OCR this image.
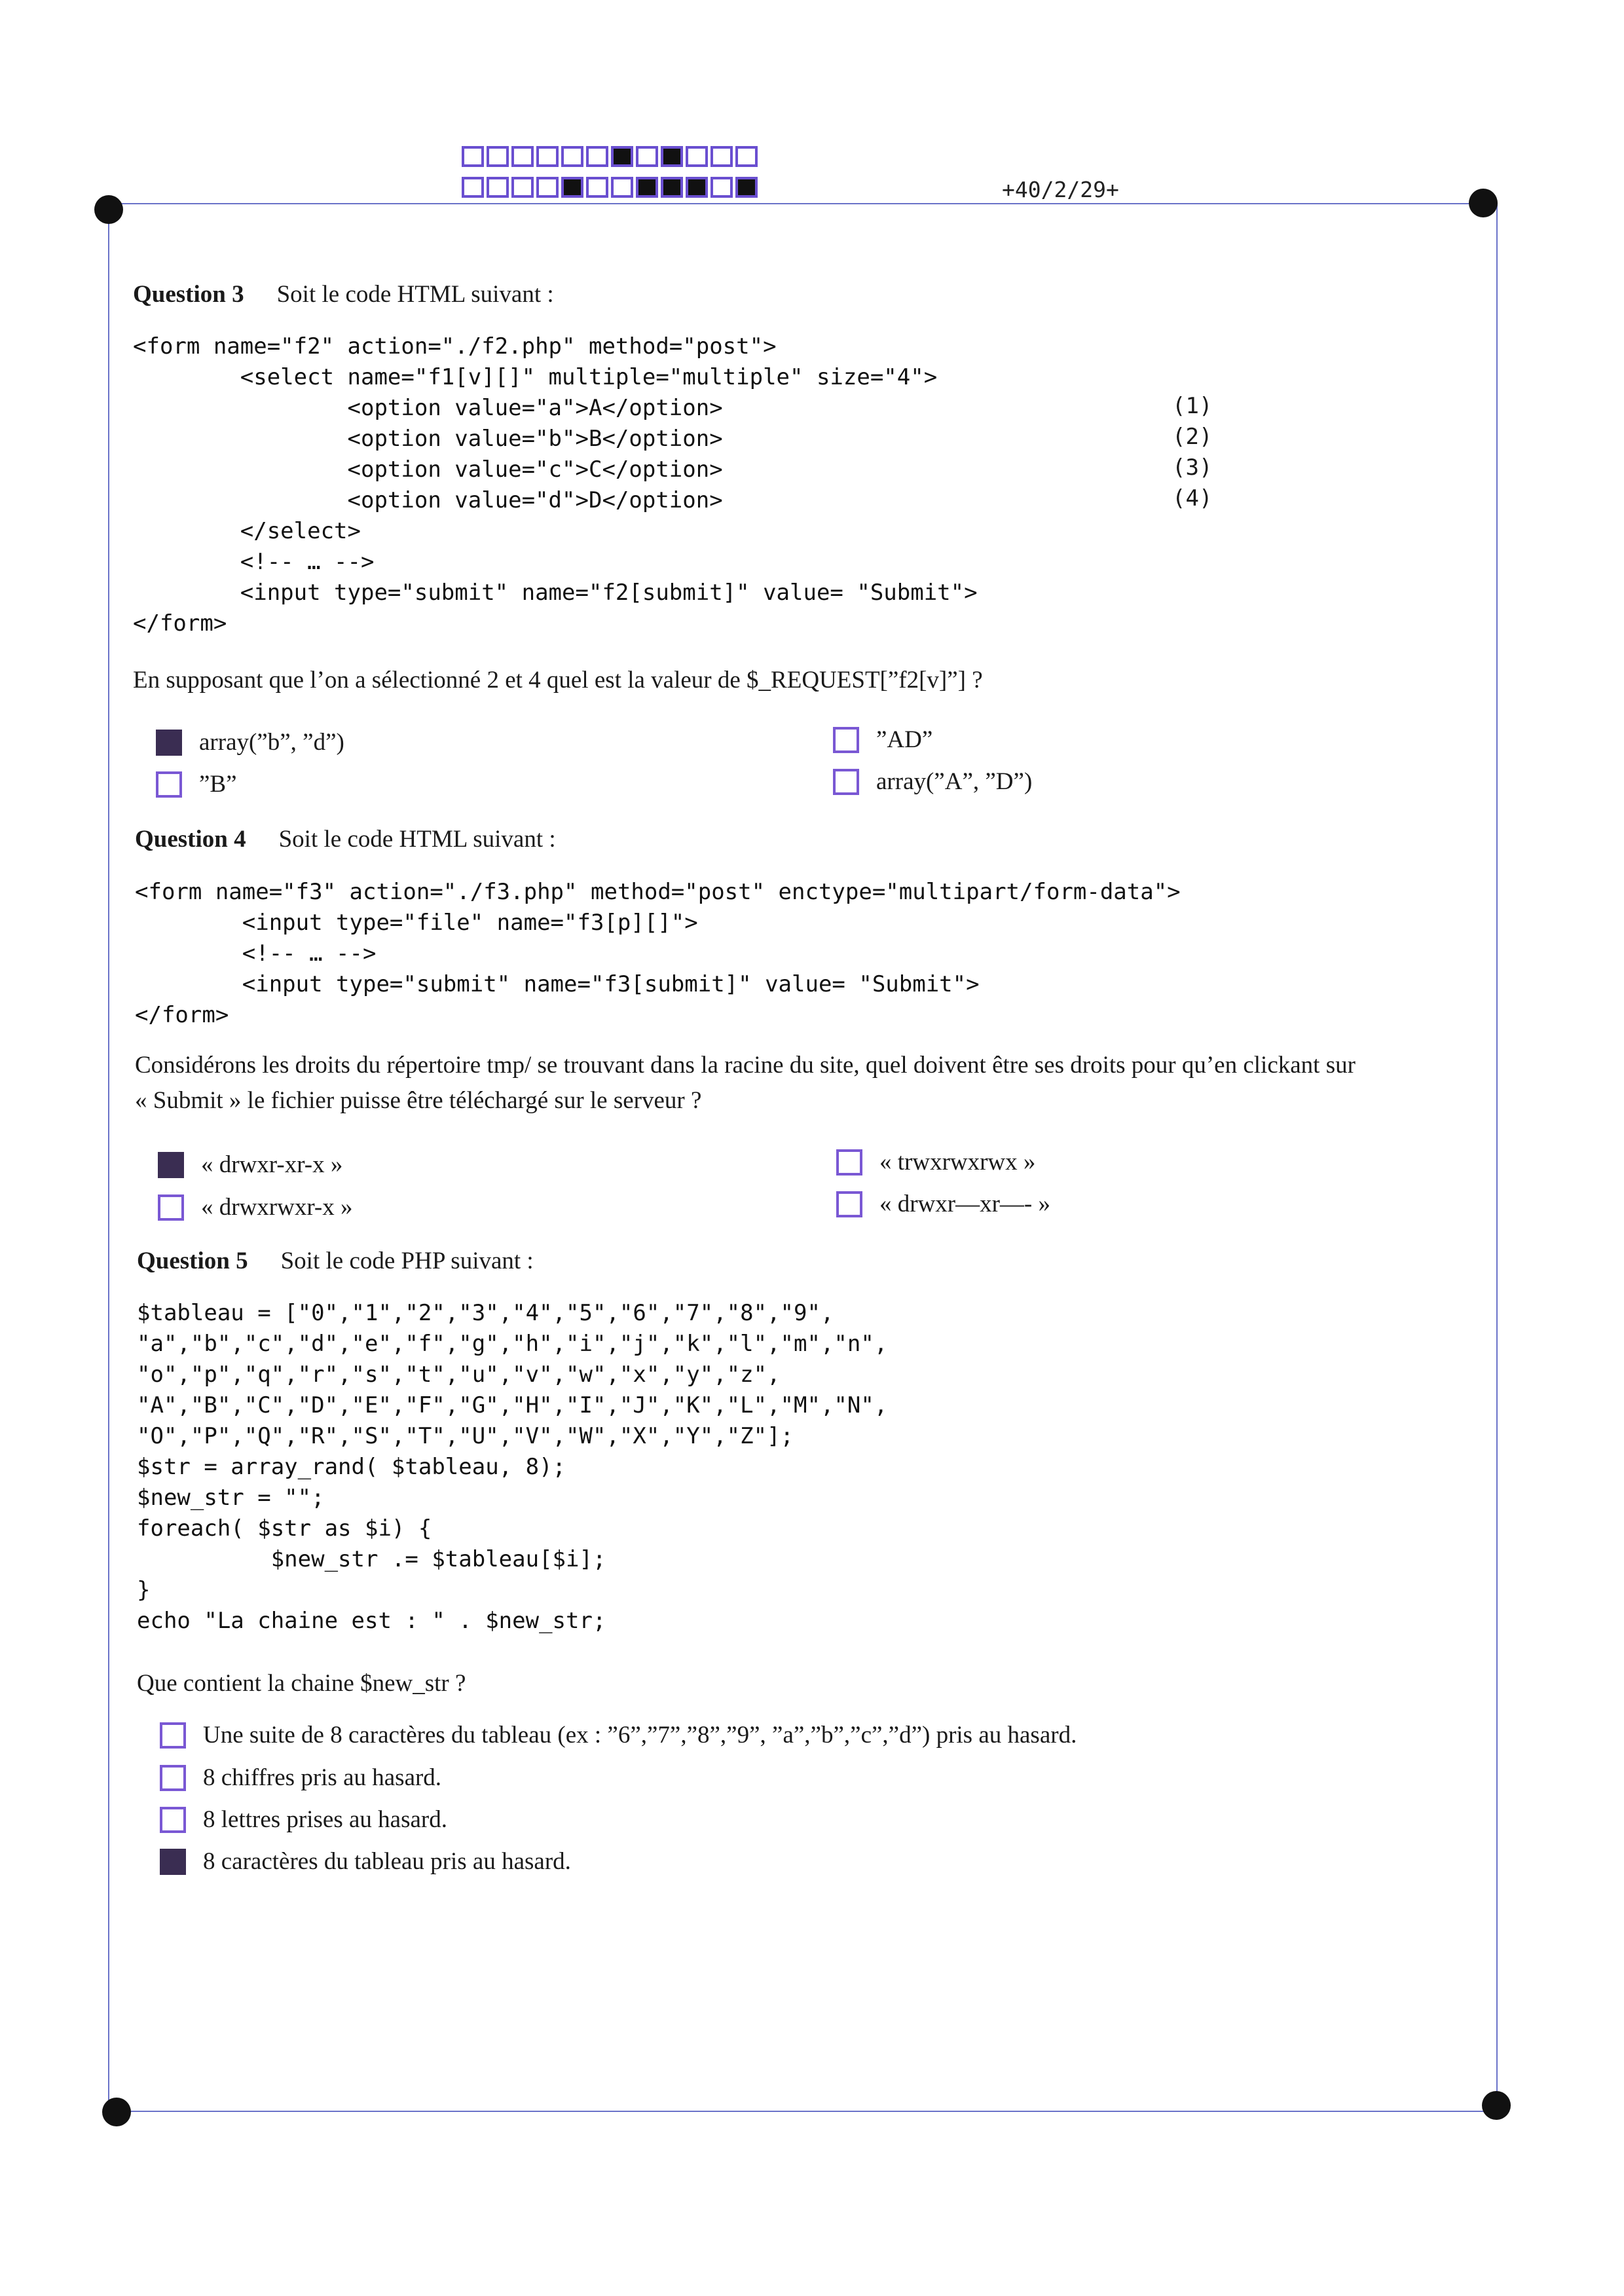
+40/2/29+
Question 3 Soit le code HTML suivant :
<form name="f2" action="./f2.php" method="post">
<select name="f1[v][]" multiple="multiple" size="4">
<option value="a">A</option>
<option value="b">B</option>
<option value="c">C</option>
<option value="d">D</option>
</select>
<!-- … -->
<input type="submit" name="f2[submit]" value= "Submit">
</form>
(1)
(2)
(3)
(4)
En supposant que l’on a sélectionné 2 et 4 quel est la valeur de $_REQUEST[”f2[v]”] ?
array(”b”, ”d”)
”B”
”AD”
array(”A”, ”D”)
Question 4 Soit le code HTML suivant :
<form name="f3" action="./f3.php" method="post" enctype="multipart/form-data">
<input type="file" name="f3[p][]">
<!-- … -->
<input type="submit" name="f3[submit]" value= "Submit">
</form>
Considérons les droits du répertoire tmp/ se trouvant dans la racine du site, quel doivent être ses droits pour qu’en clickant sur
« Submit » le fichier puisse être téléchargé sur le serveur ?
« drwxr-xr-x »
« drwxrwxr-x »
« trwxrwxrwx »
« drwxr—xr—- »
Question 5 Soit le code PHP suivant :
$tableau = ["0","1","2","3","4","5","6","7","8","9",
"a","b","c","d","e","f","g","h","i","j","k","l","m","n",
"o","p","q","r","s","t","u","v","w","x","y","z",
"A","B","C","D","E","F","G","H","I","J","K","L","M","N",
"O","P","Q","R","S","T","U","V","W","X","Y","Z"];
$str = array_rand( $tableau, 8);
$new_str = "";
foreach( $str as $i) {
$new_str .= $tableau[$i];
}
echo "La chaine est : " . $new_str;
Que contient la chaine $new_str ?
Une suite de 8 caractères du tableau (ex : ”6”,”7”,”8”,”9”, ”a”,”b”,”c”,”d”) pris au hasard.
8 chiffres pris au hasard.
8 lettres prises au hasard.
8 caractères du tableau pris au hasard.
